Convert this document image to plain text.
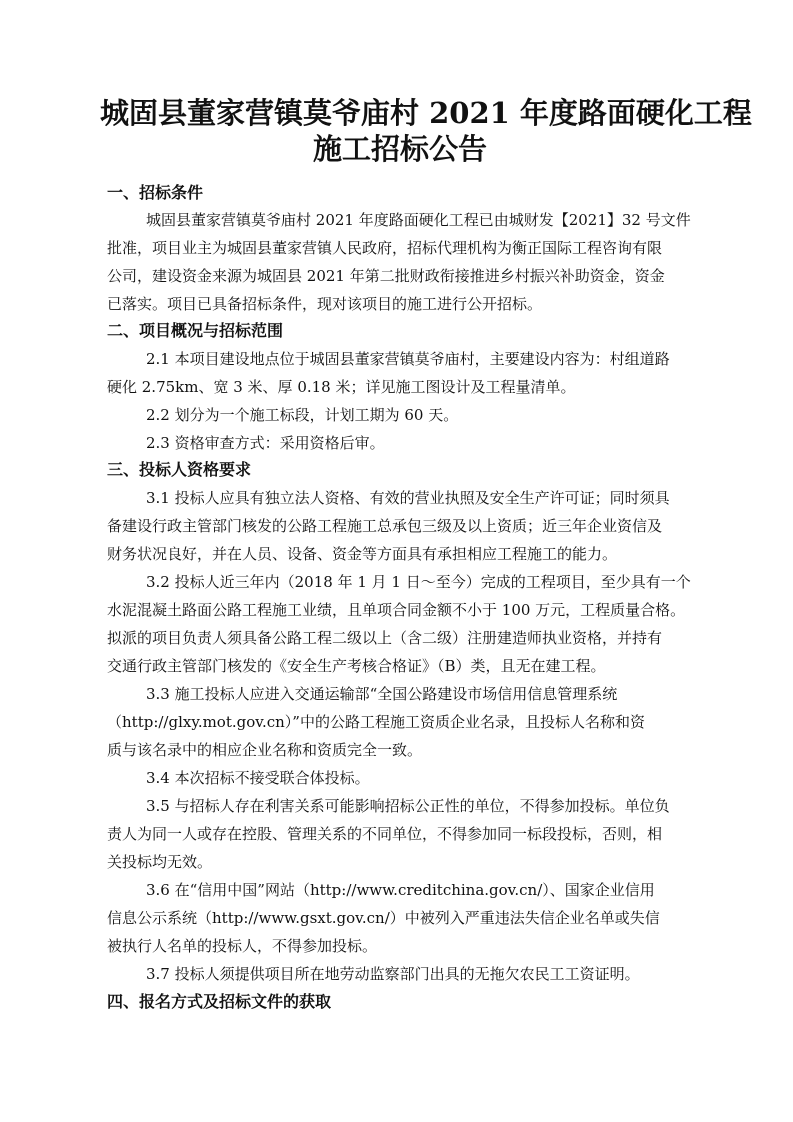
城固县董家营镇莫爷庙村 2021 年度路面硬化工程
施工招标公告
一、招标条件
城固县董家营镇莫爷庙村 2021 年度路面硬化工程已由城财发【2021】32 号文件
批准，项目业主为城固县董家营镇人民政府，招标代理机构为衡正国际工程咨询有限
公司，建设资金来源为城固县 2021 年第二批财政衔接推进乡村振兴补助资金，资金
已落实。项目已具备招标条件，现对该项目的施工进行公开招标。
二、项目概况与招标范围
2.1 本项目建设地点位于城固县董家营镇莫爷庙村，主要建设内容为：村组道路
硬化 2.75km、宽 3 米、厚 0.18 米；详见施工图设计及工程量清单。
2.2 划分为一个施工标段，计划工期为 60 天。
2.3 资格审查方式：采用资格后审。
三、投标人资格要求
3.1 投标人应具有独立法人资格、有效的营业执照及安全生产许可证；同时须具
备建设行政主管部门核发的公路工程施工总承包三级及以上资质；近三年企业资信及
财务状况良好，并在人员、设备、资金等方面具有承担相应工程施工的能力。
3.2 投标人近三年内（2018 年 1 月 1 日～至今）完成的工程项目，至少具有一个
水泥混凝土路面公路工程施工业绩，且单项合同金额不小于 100 万元，工程质量合格。
拟派的项目负责人须具备公路工程二级以上（含二级）注册建造师执业资格，并持有
交通行政主管部门核发的《安全生产考核合格证》（B）类，且无在建工程。
3.3 施工投标人应进入交通运输部“全国公路建设市场信用信息管理系统
（http://glxy.mot.gov.cn）”中的公路工程施工资质企业名录，且投标人名称和资
质与该名录中的相应企业名称和资质完全一致。
3.4 本次招标不接受联合体投标。
3.5 与招标人存在利害关系可能影响招标公正性的单位，不得参加投标。单位负
责人为同一人或存在控股、管理关系的不同单位，不得参加同一标段投标，否则，相
关投标均无效。
3.6 在“信用中国”网站（http://www.creditchina.gov.cn/）、国家企业信用
信息公示系统（http://www.gsxt.gov.cn/）中被列入严重违法失信企业名单或失信
被执行人名单的投标人，不得参加投标。
3.7 投标人须提供项目所在地劳动监察部门出具的无拖欠农民工工资证明。
四、报名方式及招标文件的获取
